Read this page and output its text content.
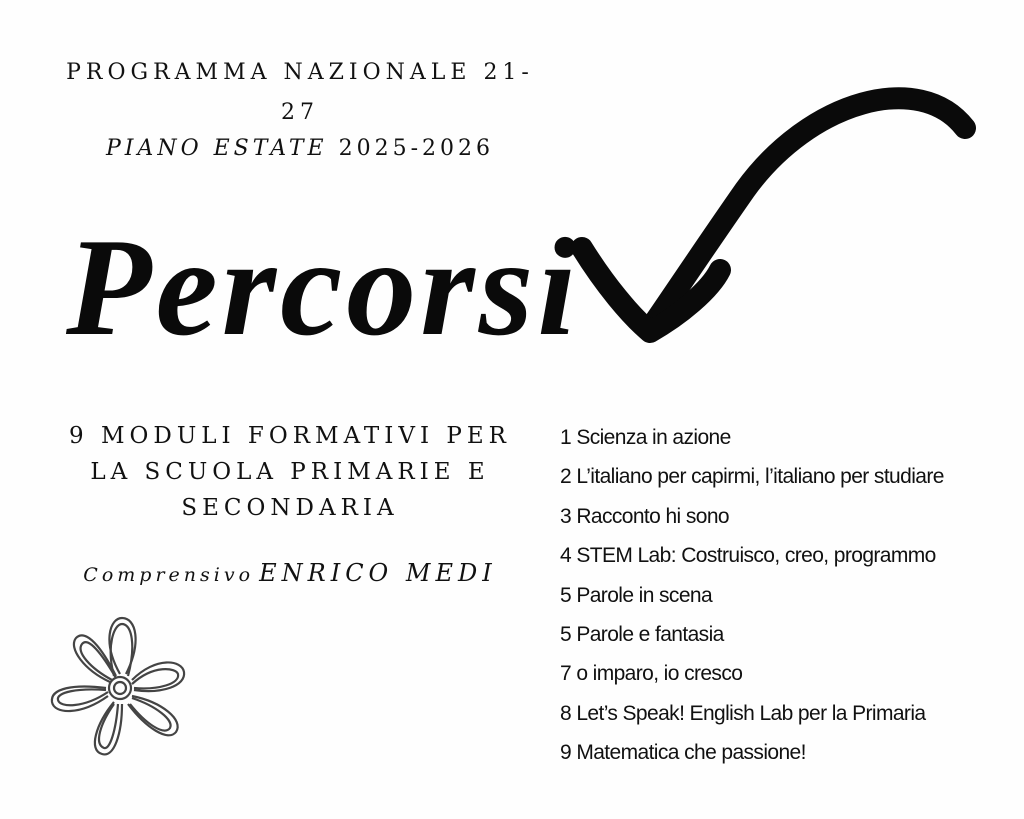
PROGRAMMA NAZIONALE 21-
27
PIANO ESTATE 2025-2026
Percorsi
9 MODULI FORMATIVI PER
LA SCUOLA PRIMARIE E
SECONDARIA
Comprensivo ENRICO MEDI
1 Scienza in azione
2 L’italiano per capirmi, l’italiano per studiare
3 Racconto hi sono
4 STEM Lab: Costruisco, creo, programmo
5 Parole in scena
5 Parole e fantasia
7 o imparo, io cresco
8 Let’s Speak! English Lab per la Primaria
9 Matematica che passione!
